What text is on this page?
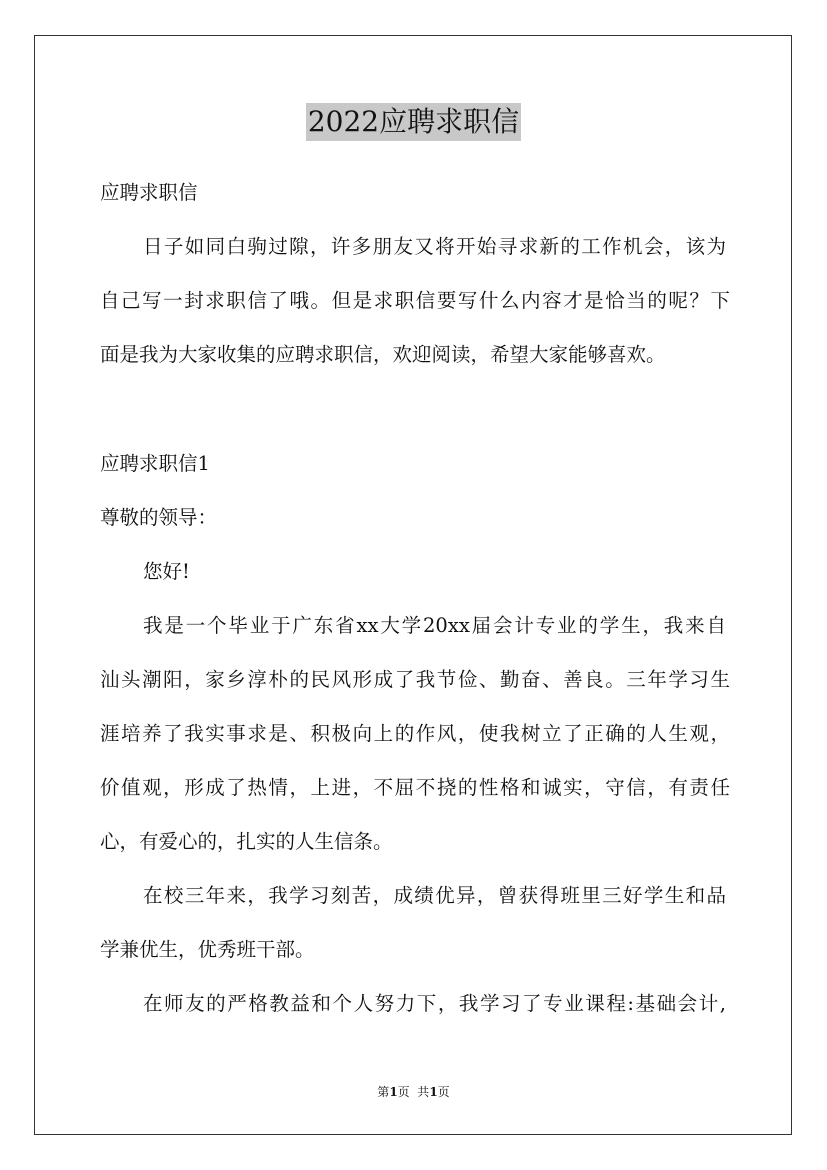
2022应聘求职信
应聘求职信
日子如同白驹过隙，许多朋友又将开始寻求新的工作机会，该为
自己写一封求职信了哦。但是求职信要写什么内容才是恰当的呢？下
面是我为大家收集的应聘求职信，欢迎阅读，希望大家能够喜欢。
应聘求职信1
尊敬的领导：
您好!
我是一个毕业于广东省xx大学20xx届会计专业的学生，我来自
汕头潮阳，家乡淳朴的民风形成了我节俭、勤奋、善良。三年学习生
涯培养了我实事求是、积极向上的作风，使我树立了正确的人生观，
价值观，形成了热情，上进，不屈不挠的性格和诚实，守信，有责任
心，有爱心的，扎实的人生信条。
在校三年来，我学习刻苦，成绩优异，曾获得班里三好学生和品
学兼优生，优秀班干部。
在师友的严格教益和个人努力下，我学习了专业课程:基础会计,
第1页  共1页
